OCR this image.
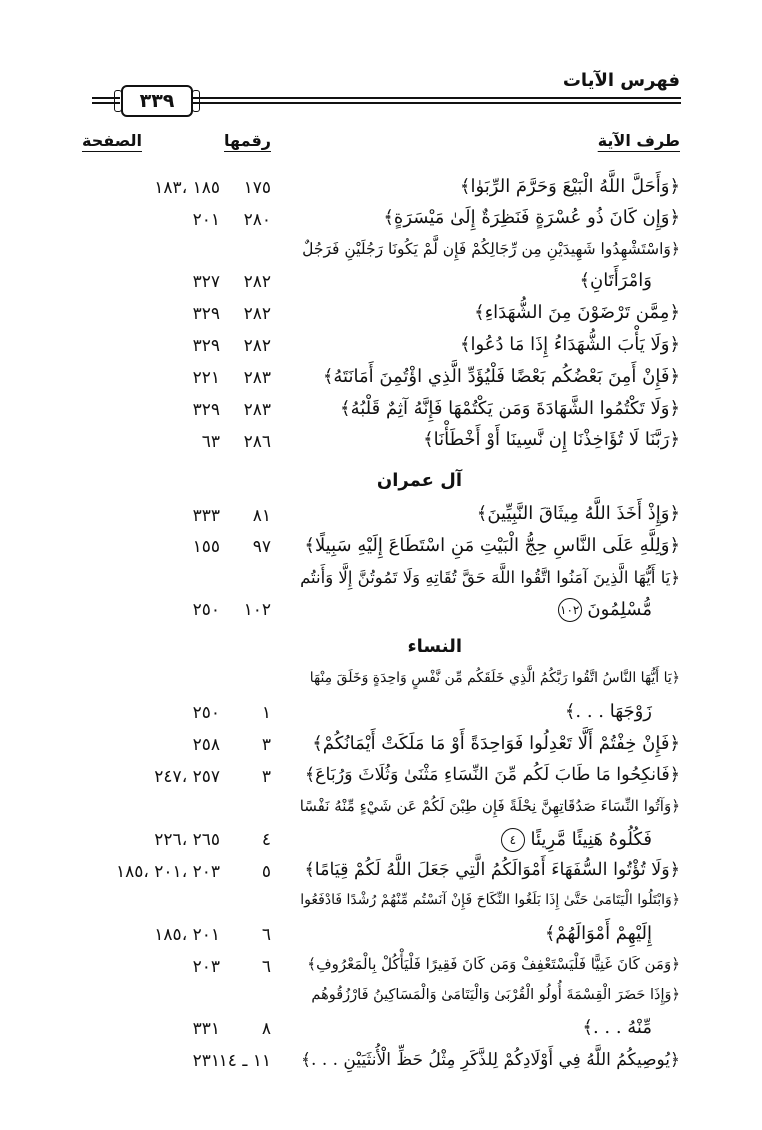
فهرس الآيات
٣٣٩
طرف الآية
رقمها
الصفحة
﴿وَأَحَلَّ اللَّهُ الْبَيْعَ وَحَرَّمَ الرِّبَوٰا﴾
١٧٥
١٨٥ ،١٨٣
﴿وَإِن كَانَ ذُو عُسْرَةٍ فَنَظِرَةٌ إِلَىٰ مَيْسَرَةٍ﴾
٢٨٠
٢٠١
﴿وَاسْتَشْهِدُوا شَهِيدَيْنِ مِن رِّجَالِكُمْ فَإِن لَّمْ يَكُونَا رَجُلَيْنِ فَرَجُلٌ
وَامْرَأَتَانِ﴾
٢٨٢
٣٢٧
﴿مِمَّن تَرْضَوْنَ مِنَ الشُّهَدَاءِ﴾
٢٨٢
٣٢٩
﴿وَلَا يَأْبَ الشُّهَدَاءُ إِذَا مَا دُعُوا﴾
٢٨٢
٣٢٩
﴿فَإِنْ أَمِنَ بَعْضُكُم بَعْضًا فَلْيُؤَدِّ الَّذِي اؤْتُمِنَ أَمَانَتَهُ﴾
٢٨٣
٢٢١
﴿وَلَا تَكْتُمُوا الشَّهَادَةَ وَمَن يَكْتُمْهَا فَإِنَّهُ آثِمٌ قَلْبُهُ﴾
٢٨٣
٣٢٩
﴿رَبَّنَا لَا تُؤَاخِذْنَا إِن نَّسِينَا أَوْ أَخْطَأْنَا﴾
٢٨٦
٦٣
آل عمران
﴿وَإِذْ أَخَذَ اللَّهُ مِيثَاقَ النَّبِيِّينَ﴾
٨١
٣٣٣
﴿وَلِلَّهِ عَلَى النَّاسِ حِجُّ الْبَيْتِ مَنِ اسْتَطَاعَ إِلَيْهِ سَبِيلًا﴾
٩٧
١٥٥
﴿يَا أَيُّهَا الَّذِينَ آمَنُوا اتَّقُوا اللَّهَ حَقَّ تُقَاتِهِ وَلَا تَمُوتُنَّ إِلَّا وَأَنتُم
مُّسْلِمُونَ ١٠٢
١٠٢
٢٥٠
النساء
﴿يَا أَيُّهَا النَّاسُ اتَّقُوا رَبَّكُمُ الَّذِي خَلَقَكُم مِّن نَّفْسٍ وَاحِدَةٍ وَخَلَقَ مِنْهَا
زَوْجَهَا . . .﴾
١
٢٥٠
﴿فَإِنْ خِفْتُمْ أَلَّا تَعْدِلُوا فَوَاحِدَةً أَوْ مَا مَلَكَتْ أَيْمَانُكُمْ﴾
٣
٢٥٨
﴿فَانكِحُوا مَا طَابَ لَكُم مِّنَ النِّسَاءِ مَثْنَىٰ وَثُلَاثَ وَرُبَاعَ﴾
٣
٢٥٧ ،٢٤٧
﴿وَآتُوا النِّسَاءَ صَدُقَاتِهِنَّ نِحْلَةً فَإِن طِبْنَ لَكُمْ عَن شَيْءٍ مِّنْهُ نَفْسًا
فَكُلُوهُ هَنِيئًا مَّرِيئًا ٤
٤
٢٦٥ ،٢٢٦
﴿وَلَا تُؤْتُوا السُّفَهَاءَ أَمْوَالَكُمُ الَّتِي جَعَلَ اللَّهُ لَكُمْ قِيَامًا﴾
٥
٢٠٣ ،٢٠١ ،١٨٥
﴿وَابْتَلُوا الْيَتَامَىٰ حَتَّىٰ إِذَا بَلَغُوا النِّكَاحَ فَإِنْ آنَسْتُم مِّنْهُمْ رُشْدًا فَادْفَعُوا
إِلَيْهِمْ أَمْوَالَهُمْ﴾
٦
٢٠١ ،١٨٥
﴿وَمَن كَانَ غَنِيًّا فَلْيَسْتَعْفِفْ وَمَن كَانَ فَقِيرًا فَلْيَأْكُلْ بِالْمَعْرُوفِ﴾
٦
٢٠٣
﴿وَإِذَا حَضَرَ الْقِسْمَةَ أُولُو الْقُرْبَىٰ وَالْيَتَامَىٰ وَالْمَسَاكِينُ فَارْزُقُوهُم
مِّنْهُ . . .﴾
٨
٣٣١
﴿يُوصِيكُمُ اللَّهُ فِي أَوْلَادِكُمْ لِلذَّكَرِ مِثْلُ حَظِّ الْأُنثَيَيْنِ . . .﴾
١١ ـ ١٤
٢٣١
